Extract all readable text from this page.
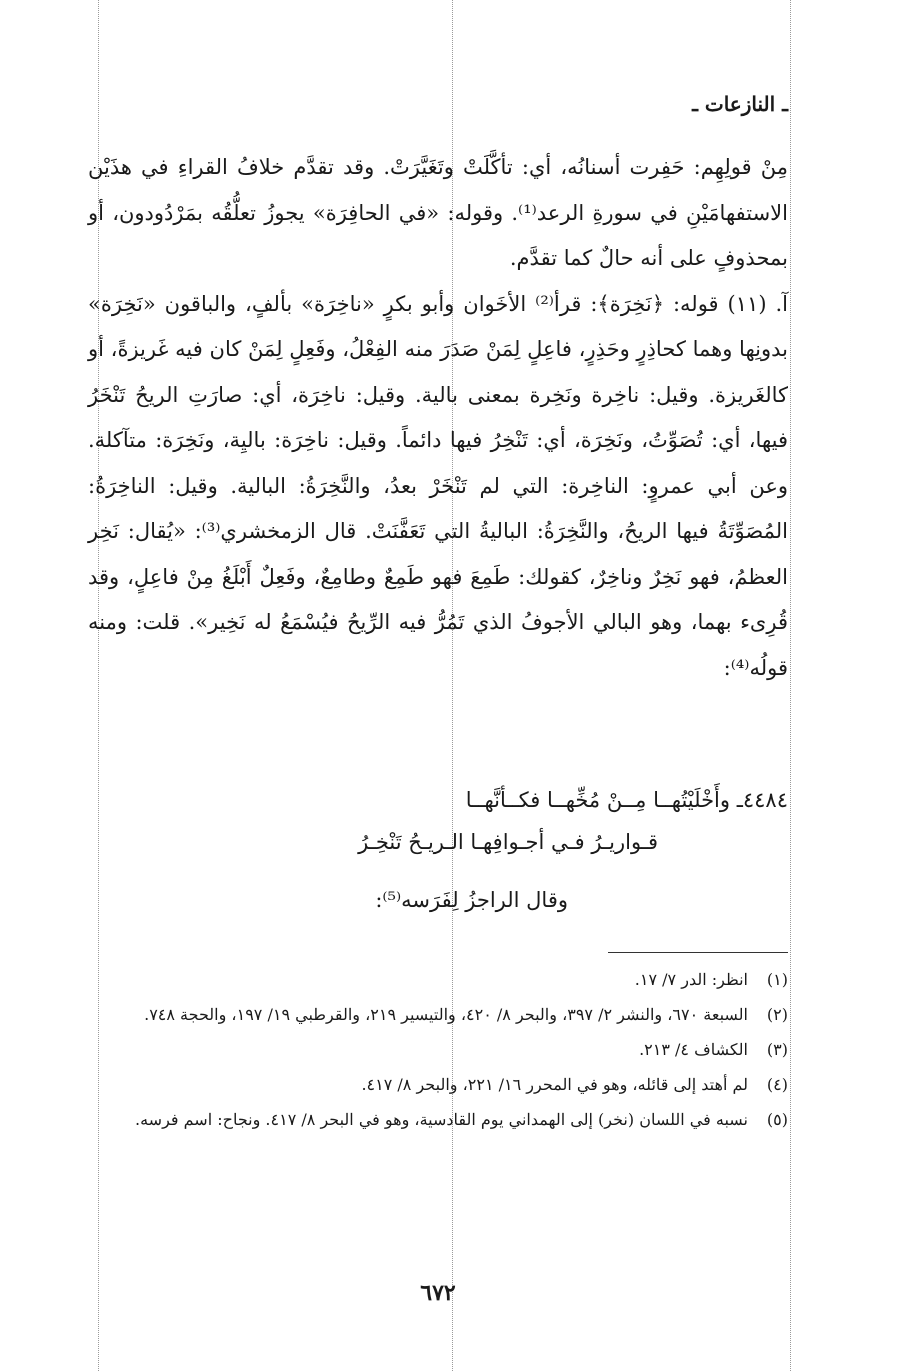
ـ النازعات ـ

مِنْ قولِهِم: حَفِرت أسنانُه، أي: تأكَّلَتْ وتَغَيَّرَتْ. وقد تقدَّم خلافُ القراءِ في هذَيْن الاستفهامَيْنِ في سورةِ الرعد⁽¹⁾. وقوله: «في الحافِرَة» يجوزُ تعلُّقُه بمَرْدُودون، أو بمحذوفٍ على أنه حالٌ كما تقدَّم.

آ. (١١) قوله: ﴿نَخِرَة﴾: قرأ⁽²⁾ الأخَوان وأبو بكرٍ «ناخِرَة» بألفٍ، والباقون «نَخِرَة» بدونِها وهما كحاذِرٍ وحَذِرٍ، فاعِلٍ لِمَنْ صَدَرَ منه الفِعْلُ، وفَعِلٍ لِمَنْ كان فيه غَريزةً، أو كالغَريزة. وقيل: ناخِرة ونَخِرة بمعنى بالية. وقيل: ناخِرَة، أي: صارَتِ الريحُ تَنْخَرُ فيها، أي: تُصَوِّتُ، ونَخِرَة، أي: تَنْخِرُ فيها دائماً. وقيل: ناخِرَة: باليِة، ونَخِرَة: متآكلة. وعن أبي عمروٍ: الناخِرة: التي لم تَنْخَرْ بعدُ، والنَّخِرَةُ: البالية. وقيل: الناخِرَةُ: المُصَوِّتَةُ فيها الريحُ، والنَّخِرَةُ: الباليةُ التي تَعَفَّنَتْ. قال الزمخشري⁽³⁾: «يُقال: نَخِر العظمُ، فهو نَخِرٌ وناخِرٌ، كقولك: طَمِعَ فهو طَمِعٌ وطامِعٌ، وفَعِلٌ أَبْلَغُ مِنْ فاعِلٍ، وقد قُرِىء بهما، وهو البالي الأجوفُ الذي تَمُرُّ فيه الرِّيحُ فيُسْمَعُ له نَخِير». قلت: ومنه قولُه⁽⁴⁾:

٤٤٨٤ـ وأَخْلَيْتُهــا مِــنْ مُخِّهــا فكــأنَّهــا
قـواريـرُ فـي أجـوافِهـا الـريـحُ تَنْخِـرُ
وقال الراجزُ لِفَرَسه⁽⁵⁾:
(١)
انظر: الدر ٧/ ١٧.
(٢)
السبعة ٦٧٠، والنشر ٢/ ٣٩٧، والبحر ٨/ ٤٢٠، والتيسير ٢١٩، والقرطبي ١٩/ ١٩٧، والحجة ٧٤٨.
(٣)
الكشاف ٤/ ٢١٣.
(٤)
لم أهتد إلى قائله، وهو في المحرر ١٦/ ٢٢١، والبحر ٨/ ٤١٧.
(٥)
نسبه في اللسان (نخر) إلى الهمداني يوم القادسية، وهو في البحر ٨/ ٤١٧. ونجاح: اسم فرسه.
٦٧٢
